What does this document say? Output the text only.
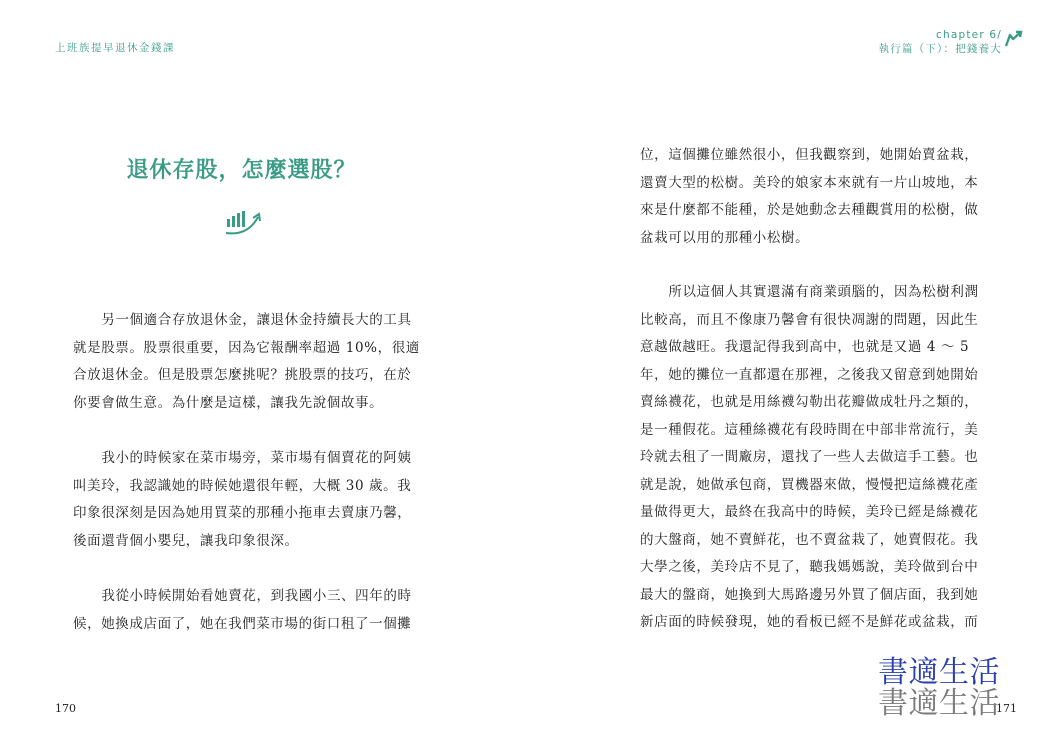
上班族提早退休金錢課
退休存股，怎麼選股？

另一個適合存放退休金，讓退休金持續長大的工具就是股票。股票很重要，因為它報酬率超過 10%，很適合放退休金。但是股票怎麼挑呢？挑股票的技巧，在於你要會做生意。為什麼是這樣，讓我先說個故事。

我小的時候家在菜市場旁，菜市場有個賣花的阿姨叫美玲，我認識她的時候她還很年輕，大概 30 歲。我印象很深刻是因為她用買菜的那種小拖車去賣康乃馨，後面還背個小嬰兒，讓我印象很深。

我從小時候開始看她賣花，到我國小三、四年的時候，她換成店面了，她在我們菜市場的街口租了一個攤

170
chapter 6/
執行篇（下）：把錢養大

位，這個攤位雖然很小，但我觀察到，她開始賣盆栽，還賣大型的松樹。美玲的娘家本來就有一片山坡地，本來是什麼都不能種，於是她動念去種觀賞用的松樹，做盆栽可以用的那種小松樹。

所以這個人其實還滿有商業頭腦的，因為松樹利潤比較高，而且不像康乃馨會有很快凋謝的問題，因此生意越做越旺。我還記得我到高中，也就是又過 4 ～ 5 年，她的攤位一直都還在那裡，之後我又留意到她開始賣絲襪花，也就是用絲襪勾勒出花瓣做成牡丹之類的，是一種假花。這種絲襪花有段時間在中部非常流行，美玲就去租了一間廠房，還找了一些人去做這手工藝。也就是說，她做承包商，買機器來做，慢慢把這絲襪花產量做得更大，最終在我高中的時候，美玲已經是絲襪花的大盤商，她不賣鮮花，也不賣盆栽了，她賣假花。我大學之後，美玲店不見了，聽我媽媽說，美玲做到台中最大的盤商，她換到大馬路邊另外買了個店面，我到她新店面的時候發現，她的看板已經不是鮮花或盆栽，而

書適生活
書適生活
171
